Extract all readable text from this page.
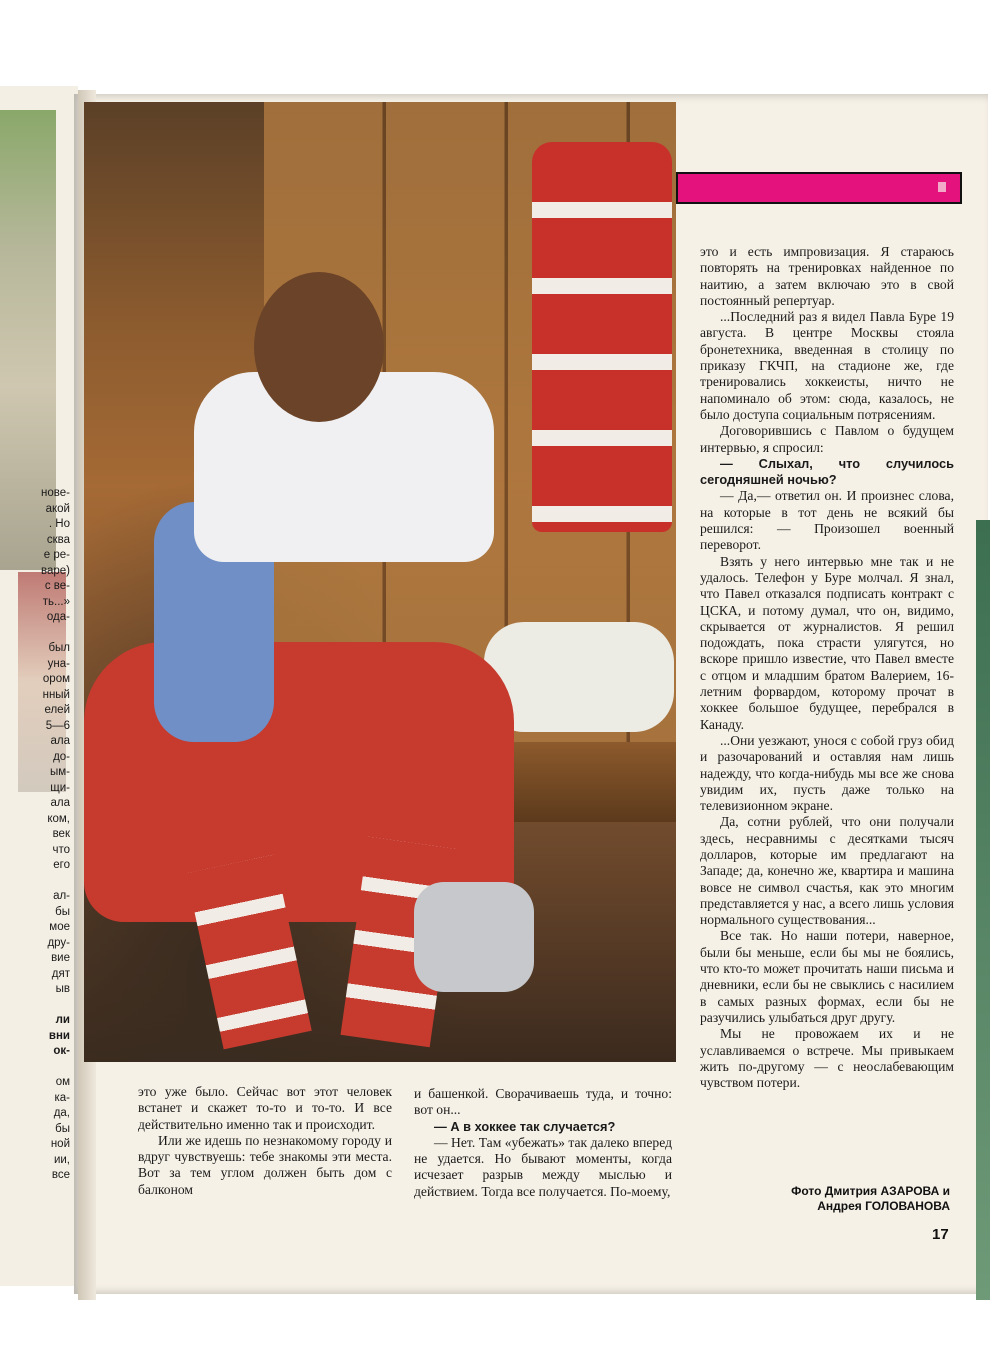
нове-
акой
. Но
сква
е ре-
варе)
с ве-
ть...»
ода-

был
уна-
ором
нный
елей
5—6
ала
до-
ым-
щи-
ала
ком,
век
что
его

ал-
бы
мое
дру-
вие
дят
ыв

ли
вни
ок-

ом
ка-
да,
бы
ной
ии,
все

это уже было. Сейчас вот этот человек встанет и скажет то-то и то-то. И все действительно именно так и происходит.

Или же идешь по незнакомому городу и вдруг чувствуешь: тебе знакомы эти места. Вот за тем углом должен быть дом с балконом

и башенкой. Сворачиваешь туда, и точно: вот он...

— А в хоккее так случается?

— Нет. Там «убежать» так далеко вперед не удается. Но бывают моменты, когда исчезает разрыв между мыслью и действием. Тогда все получается. По-моему,

это и есть импровизация. Я стараюсь повторять на тренировках найденное по наитию, а затем включаю это в свой постоянный репертуар.

...Последний раз я видел Павла Буре 19 августа. В центре Москвы стояла бронетехника, введенная в столицу по приказу ГКЧП, на стадионе же, где тренировались хоккеисты, ничто не напоминало об этом: сюда, казалось, не было доступа социальным потрясениям.

Договорившись с Павлом о будущем интервью, я спросил:

— Слыхал, что случилось сегодняшней ночью?

— Да,— ответил он. И произнес слова, на которые в тот день не всякий бы решился: — Произошел военный переворот.

Взять у него интервью мне так и не удалось. Телефон у Буре молчал. Я знал, что Павел отказался подписать контракт с ЦСКА, и потому думал, что он, видимо, скрывается от журналистов. Я решил подождать, пока страсти улягутся, но вскоре пришло известие, что Павел вместе с отцом и младшим братом Валерием, 16-летним форвардом, которому прочат в хоккее большое будущее, перебрался в Канаду.

...Они уезжают, унося с собой груз обид и разочарований и оставляя нам лишь надежду, что когда-нибудь мы все же снова увидим их, пусть даже только на телевизионном экране.

Да, сотни рублей, что они получали здесь, несравнимы с десятками тысяч долларов, которые им предлагают на Западе; да, конечно же, квартира и машина вовсе не символ счастья, как это многим представляется у нас, а всего лишь условия нормального существования...

Все так. Но наши потери, наверное, были бы меньше, если бы мы не боялись, что кто-то может прочитать наши письма и дневники, если бы не свыклись с насилием в самых разных формах, если бы не разучились улыбаться друг другу.

Мы не провожаем их и не уславливаемся о встрече. Мы привыкаем жить по-другому — с неослабевающим чувством потери.

Фото Дмитрия АЗАРОВА и
Андрея ГОЛОВАНОВА
17
